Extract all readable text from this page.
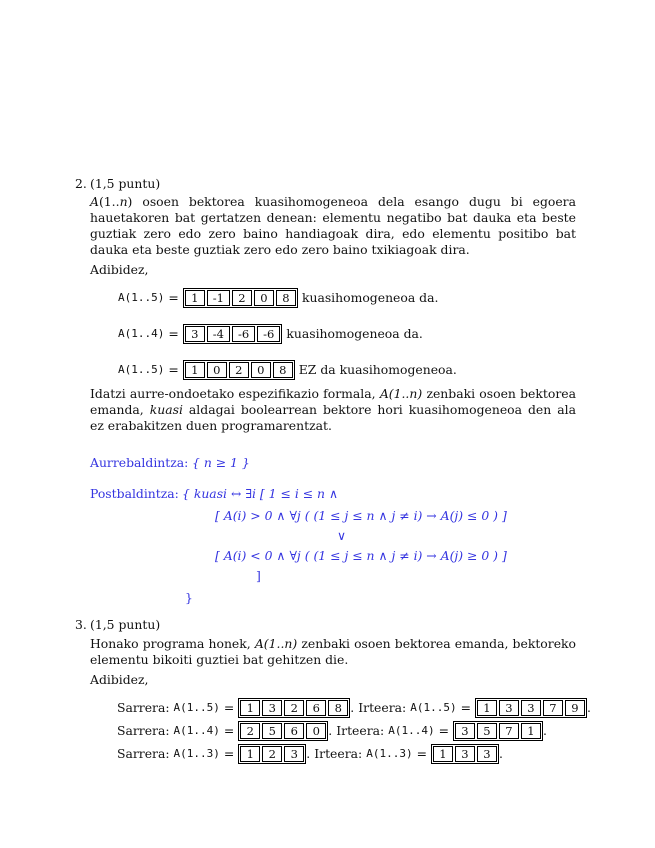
2. (1,5 puntu)
A(1..n) osoen bektorea kuasihomogeneoa dela esango dugu bi egoera hauetakoren bat gertatzen denean: elementu negatibo bat dauka eta beste guztiak zero edo zero baino handiagoak dira, edo elementu positibo bat dauka eta beste guztiak zero edo zero baino txikiagoak dira.
Adibidez,
A(1..5) =	1	-1	2	0	8 kuasihomogeneoa da.
A(1..4) =	3	-4	-6	-6 kuasihomogeneoa da.
A(1..5) =	1	0	2	0	8 EZ da kuasihomogeneoa.
Idatzi aurre-ondoetako espezifikazio formala, A(1..n) zenbaki osoen bektorea emanda, kuasi aldagai boolearrean bektore hori kuasihomogeneoa den ala ez erabakitzen duen programarentzat.
Aurrebaldintza: { n ≥ 1 }
Postbaldintza: { kuasi ↔ ∃i [ 1 ≤ i ≤ n ∧
[ A(i) > 0 ∧ ∀j ( (1 ≤ j ≤ n ∧ j ≠ i) → A(j) ≤ 0 ) ]
∨
[ A(i) < 0 ∧ ∀j ( (1 ≤ j ≤ n ∧ j ≠ i) → A(j) ≥ 0 ) ]
]
}
3. (1,5 puntu)
Honako programa honek, A(1..n) zenbaki osoen bektorea emanda, bektoreko elementu bikoiti guztiei bat gehitzen die.
Adibidez,
Sarrera: A(1..5) =	1	3	2	6	8 . Irteera: A(1..5) =	1	3	3	7	9 .
Sarrera: A(1..4) =	2	5	6	0 . Irteera: A(1..4) =	3	5	7	1 .
Sarrera: A(1..3) =	1	2	3 . Irteera: A(1..3) =	1	3	3 .
